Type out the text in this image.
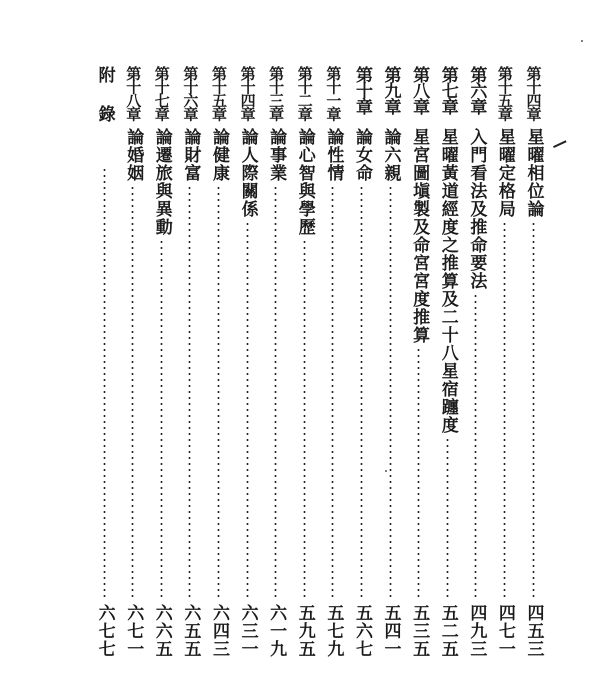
第十四章
星曜相位論
四五三
第十五章
星曜定格局
四七一
第六章
入門看法及推命要法
四九三
第七章
星曜黃道經度之推算及二十八星宿躔度
五二五
第八章
星宮圖塡製及命宮宮度推算
五三五
第九章
論六親
五四一
第十章
論女命
五六七
第十一章
論性情
五七九
第十二章
論心智與學歷
五九五
第十三章
論事業
六一九
第十四章
論人際關係
六三一
第十五章
論健康
六四三
第十六章
論財富
六五五
第十七章
論遷旅與異動
六六五
第十八章
論婚姻
六七一
附錄
六七七
